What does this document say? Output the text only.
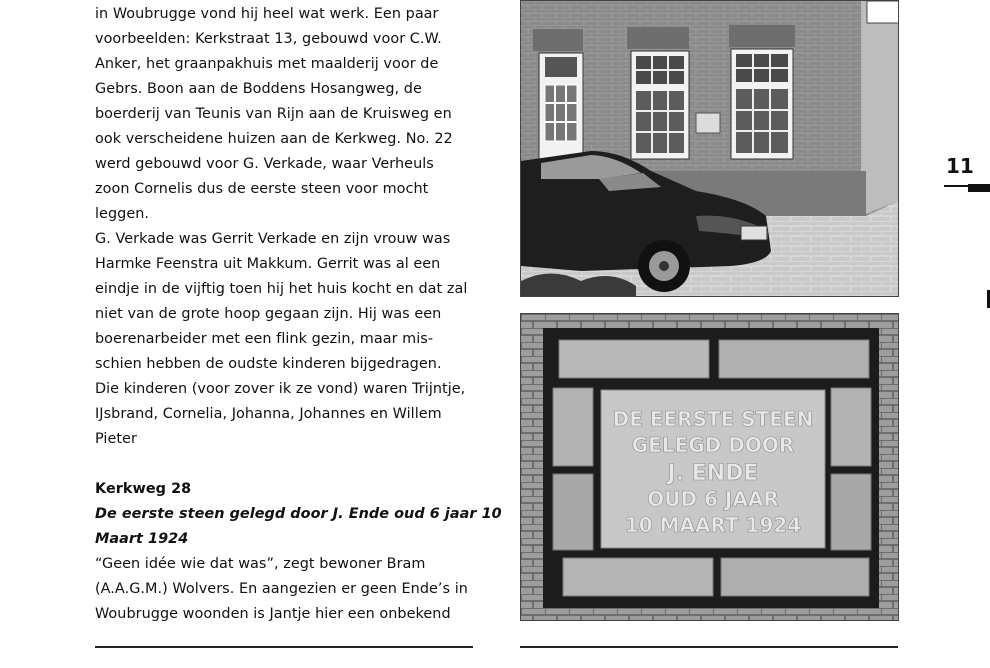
in Woubrugge vond hij heel wat werk. Een paar

voorbeelden: Kerkstraat 13, gebouwd voor C.W.

Anker, het graanpakhuis met maalderij voor de

Gebrs. Boon aan de Boddens Hosangweg, de

boerderij van Teunis van Rijn aan de Kruisweg en

ook verscheidene huizen aan de Kerkweg. No. 22

werd gebouwd voor G. Verkade, waar Verheuls

zoon Cornelis dus de eerste steen voor mocht

leggen.

G. Verkade was Gerrit Verkade en zijn vrouw was

Harmke Feenstra uit Makkum. Gerrit was al een

eindje in de vijftig toen hij het huis kocht en dat zal

niet van de grote hoop gegaan zijn. Hij was een

boerenarbeider met een flink gezin, maar mis-

schien hebben de oudste kinderen bijgedragen.

Die kinderen (voor zover ik ze vond) waren Trijntje,

IJsbrand, Cornelia, Johanna, Johannes en Willem

Pieter

Kerkweg 28

De eerste steen gelegd door J. Ende oud 6 jaar 10

Maart 1924

“Geen idée wie dat was”, zegt bewoner Bram

(A.A.G.M.) Wolvers. En aangezien er geen Ende’s in

Woubrugge woonden is Jantje hier een onbekend

DE EERSTE STEEN
GELEGD DOOR
J. ENDE
OUD 6 JAAR
10 MAART 1924
11
